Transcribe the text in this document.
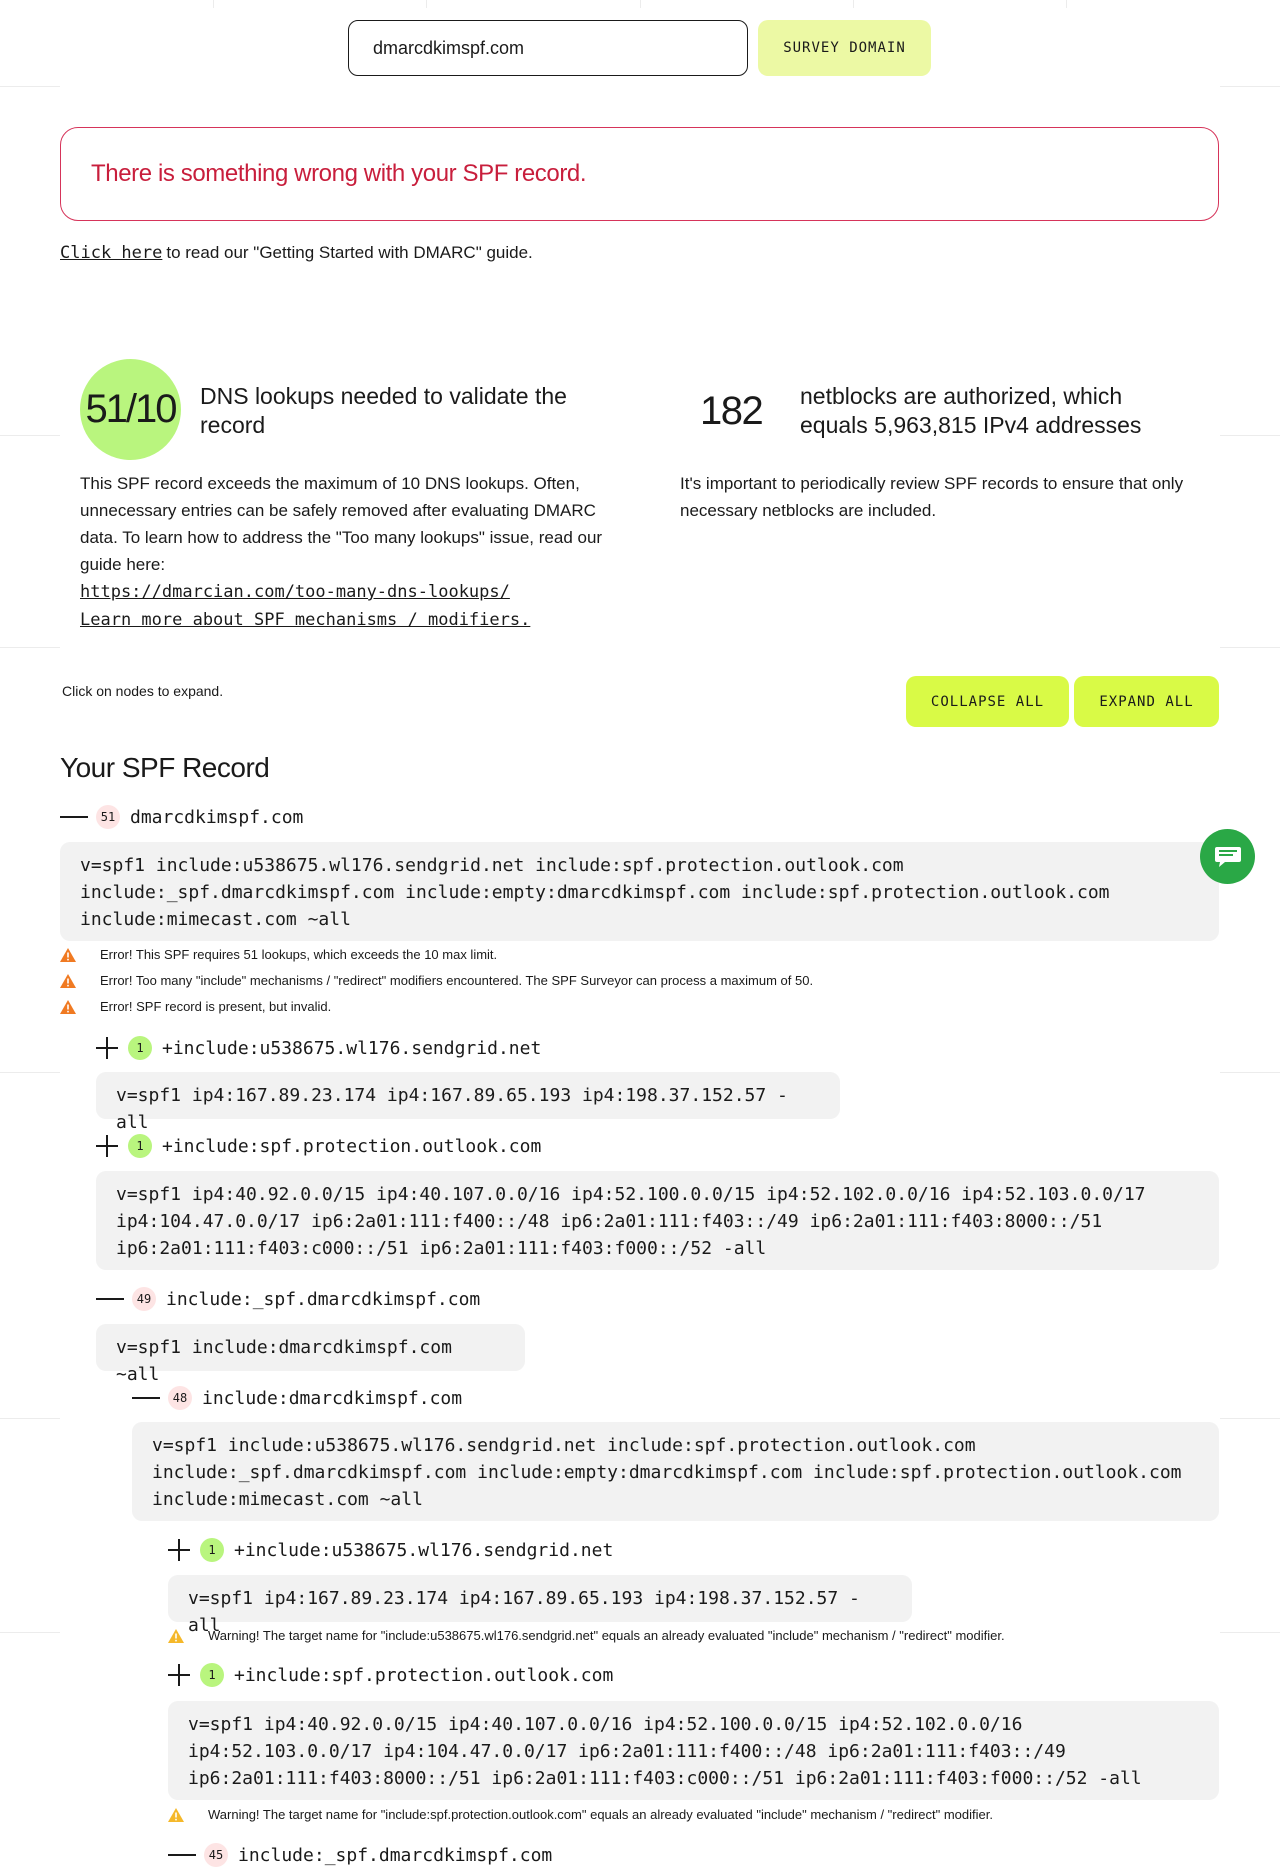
dmarcdkimspf.com
SURVEY DOMAIN
There is something wrong with your SPF record.
Click here to read our "Getting Started with DMARC" guide.
51/10 DNS lookups needed to validate the record
This SPF record exceeds the maximum of 10 DNS lookups. Often, unnecessary entries can be safely removed after evaluating DMARC data. To learn how to address the "Too many lookups" issue, read our guide here:
https://dmarcian.com/too-many-dns-lookups/
Learn more about SPF mechanisms / modifiers.
182 netblocks are authorized, which equals 5,963,815 IPv4 addresses
It's important to periodically review SPF records to ensure that only necessary netblocks are included.
Click on nodes to expand.
COLLAPSE ALL	EXPAND ALL
Your SPF Record
51 dmarcdkimspf.com
v=spf1 include:u538675.wl176.sendgrid.net include:spf.protection.outlook.com
include:_spf.dmarcdkimspf.com include:empty:dmarcdkimspf.com include:spf.protection.outlook.com
include:mimecast.com ~all
Error! This SPF requires 51 lookups, which exceeds the 10 max limit.
Error! Too many "include" mechanisms / "redirect" modifiers encountered. The SPF Surveyor can process a maximum of 50.
Error! SPF record is present, but invalid.
1	+include:u538675.wl176.sendgrid.net
v=spf1 ip4:167.89.23.174 ip4:167.89.65.193 ip4:198.37.152.57 -all
1	+include:spf.protection.outlook.com
v=spf1 ip4:40.92.0.0/15 ip4:40.107.0.0/16 ip4:52.100.0.0/15 ip4:52.102.0.0/16 ip4:52.103.0.0/17
ip4:104.47.0.0/17 ip6:2a01:111:f400::/48 ip6:2a01:111:f403::/49 ip6:2a01:111:f403:8000::/51
ip6:2a01:111:f403:c000::/51 ip6:2a01:111:f403:f000::/52 -all
49 include:_spf.dmarcdkimspf.com
v=spf1 include:dmarcdkimspf.com ~all
48 include:dmarcdkimspf.com
v=spf1 include:u538675.wl176.sendgrid.net include:spf.protection.outlook.com
include:_spf.dmarcdkimspf.com include:empty:dmarcdkimspf.com include:spf.protection.outlook.com
include:mimecast.com ~all
1	+include:u538675.wl176.sendgrid.net
v=spf1 ip4:167.89.23.174 ip4:167.89.65.193 ip4:198.37.152.57 -all
Warning! The target name for "include:u538675.wl176.sendgrid.net" equals an already evaluated "include" mechanism / "redirect" modifier.
1	+include:spf.protection.outlook.com
v=spf1 ip4:40.92.0.0/15 ip4:40.107.0.0/16 ip4:52.100.0.0/15 ip4:52.102.0.0/16
ip4:52.103.0.0/17 ip4:104.47.0.0/17 ip6:2a01:111:f400::/48 ip6:2a01:111:f403::/49
ip6:2a01:111:f403:8000::/51 ip6:2a01:111:f403:c000::/51 ip6:2a01:111:f403:f000::/52 -all
Warning! The target name for "include:spf.protection.outlook.com" equals an already evaluated "include" mechanism / "redirect" modifier.
45 include:_spf.dmarcdkimspf.com
